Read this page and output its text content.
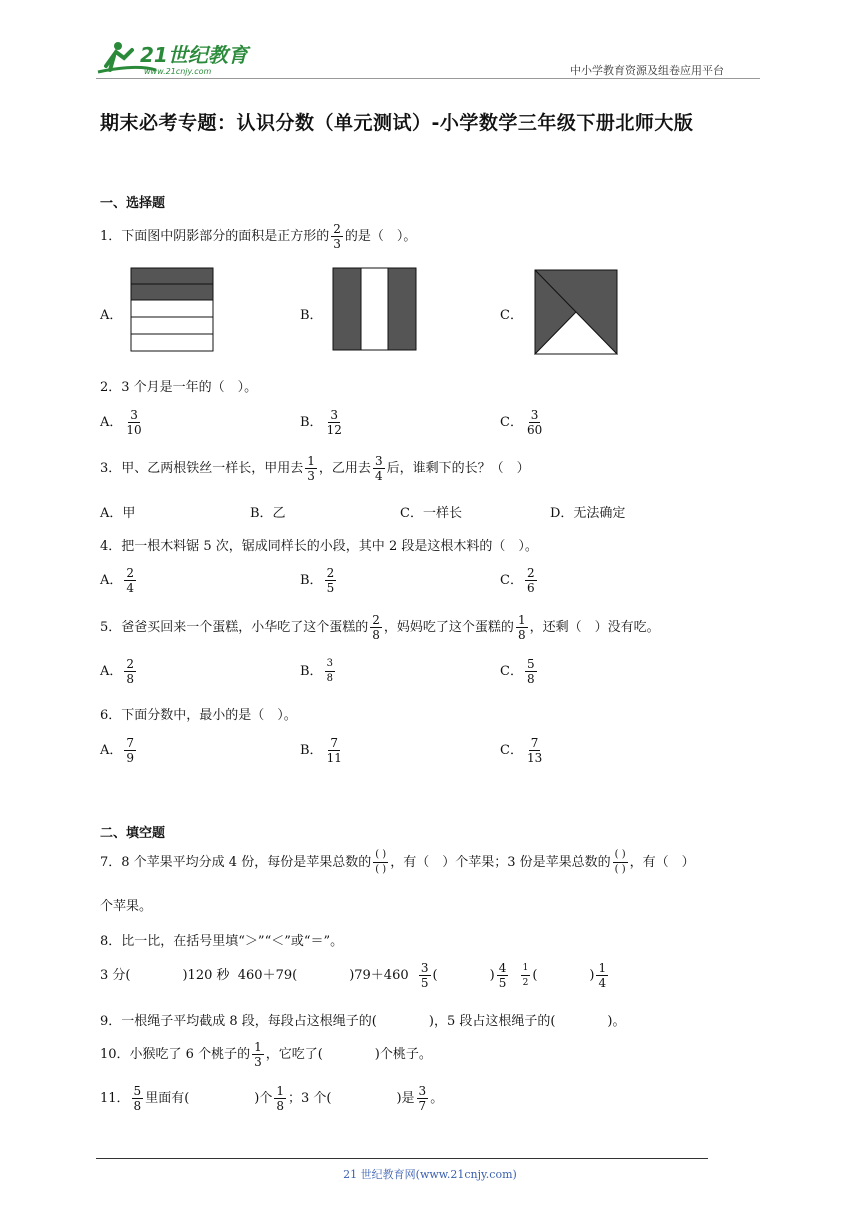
21世纪教育
www.21cnjy.com	中小学教育资源及组卷应用平台
期末必考专题：认识分数（单元测试）-小学数学三年级下册北师大版
一、选择题
1．下面图中阴影部分的面积是正方形的 $\frac{2}{3}$ 的是（　）。
A．	B．	C．
2．3 个月是一年的（　）。
A． $\frac{3}{10}$	B． $\frac{3}{12}$	C． $\frac{3}{60}$
3．甲、乙两根铁丝一样长，甲用去 $\frac{1}{3}$ ，乙用去 $\frac{3}{4}$ 后，谁剩下的长？（　）
A．甲	B．乙	C．一样长	D．无法确定
4．把一根木料锯 5 次，锯成同样长的小段，其中 2 段是这根木料的（　）。
A． $\frac{2}{4}$	B． $\frac{2}{5}$	C． $\frac{2}{6}$
5．爸爸买回来一个蛋糕，小华吃了这个蛋糕的 $\frac{2}{8}$ ，妈妈吃了这个蛋糕的 $\frac{1}{8}$ ，还剩（　）没有吃。
A． $\frac{2}{8}$	B． $\frac{3}{8}$	C． $\frac{5}{8}$
6．下面分数中，最小的是（　）。
A． $\frac{7}{9}$	B． $\frac{7}{11}$	C． $\frac{7}{13}$
二、填空题
7．8 个苹果平均分成 4 份，每份是苹果总数的 $\frac{( )}{( )}$ ，有（　）个苹果；3 份是苹果总数的 $\frac{( )}{( )}$ ，有（　）
个苹果。
8．比一比，在括号里填“＞”“＜”或“＝”。
3 分(　　　　)120 秒 460＋79(　　　　)$79+460 \frac{3}{5}$ (　　　　) $\frac{4}{5}$
$\frac{1}{2}$ (　　　　) $\frac{1}{4}$
9．一根绳子平均截成 8 段，每段占这根绳子的(　　　　)，5 段占这根绳子的(　　　　)。
10．小猴吃了 6 个桃子的 $\frac{1}{3}$ ，它吃了(　　　　)个桃子。
11． $\frac{5}{8}$ 里面有(　　　　　)个 $\frac{1}{8}$ ；3 个(　　　　　)是 $\frac{3}{7}$ 。
21 世纪教育网(www.21cnjy.com)
